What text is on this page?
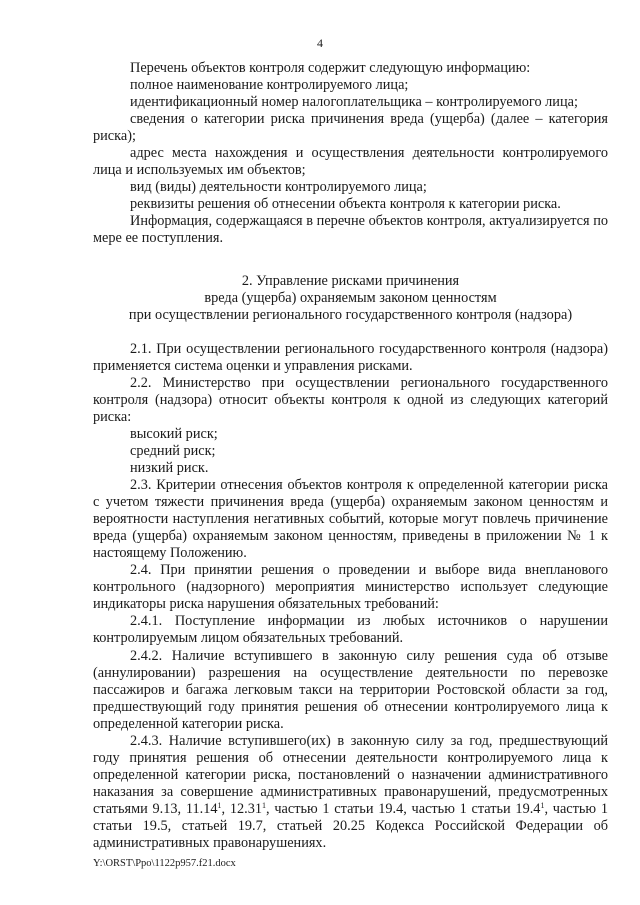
4

Перечень объектов контроля содержит следующую информацию:

полное наименование контролируемого лица;

идентификационный номер налогоплательщика – контролируемого лица;

сведения о категории риска причинения вреда (ущерба) (далее – категория риска);

адрес места нахождения и осуществления деятельности контролируемого лица и используемых им объектов;

вид (виды) деятельности контролируемого лица;

реквизиты решения об отнесении объекта контроля к категории риска.

Информация, содержащаяся в перечне объектов контроля, актуализируется по мере ее поступления.

2. Управление рисками причинения

вреда (ущерба) охраняемым законом ценностям

при осуществлении регионального государственного контроля (надзора)

2.1. При осуществлении регионального государственного контроля (надзора) применяется система оценки и управления рисками.

2.2. Министерство при осуществлении регионального государственного контроля (надзора) относит объекты контроля к одной из следующих категорий риска:

высокий риск;

средний риск;

низкий риск.

2.3. Критерии отнесения объектов контроля к определенной категории риска с учетом тяжести причинения вреда (ущерба) охраняемым законом ценностям и вероятности наступления негативных событий, которые могут повлечь причинение вреда (ущерба) охраняемым законом ценностям, приведены в приложении № 1 к настоящему Положению.

2.4. При принятии решения о проведении и выборе вида внепланового контрольного (надзорного) мероприятия министерство использует следующие индикаторы риска нарушения обязательных требований:

2.4.1. Поступление информации из любых источников о нарушении контролируемым лицом обязательных требований.

2.4.2. Наличие вступившего в законную силу решения суда об отзыве (аннулировании) разрешения на осуществление деятельности по перевозке пассажиров и багажа легковым такси на территории Ростовской области за год, предшествующий году принятия решения об отнесении контролируемого лица к определенной категории риска.

2.4.3. Наличие вступившего(их) в законную силу за год, предшествующий году принятия решения об отнесении деятельности контролируемого лица к определенной категории риска, постановлений о назначении административного наказания за совершение административных правонарушений, предусмотренных статьями 9.13, 11.14$^1$, 12.31$^1$, частью 1 статьи 19.4, частью 1 статьи 19.4$^1$, частью 1 статьи 19.5, статьей 19.7, статьей 20.25 Кодекса Российской Федерации об административных правонарушениях.

Y:\ORST\Ppo\1122p957.f21.docx
